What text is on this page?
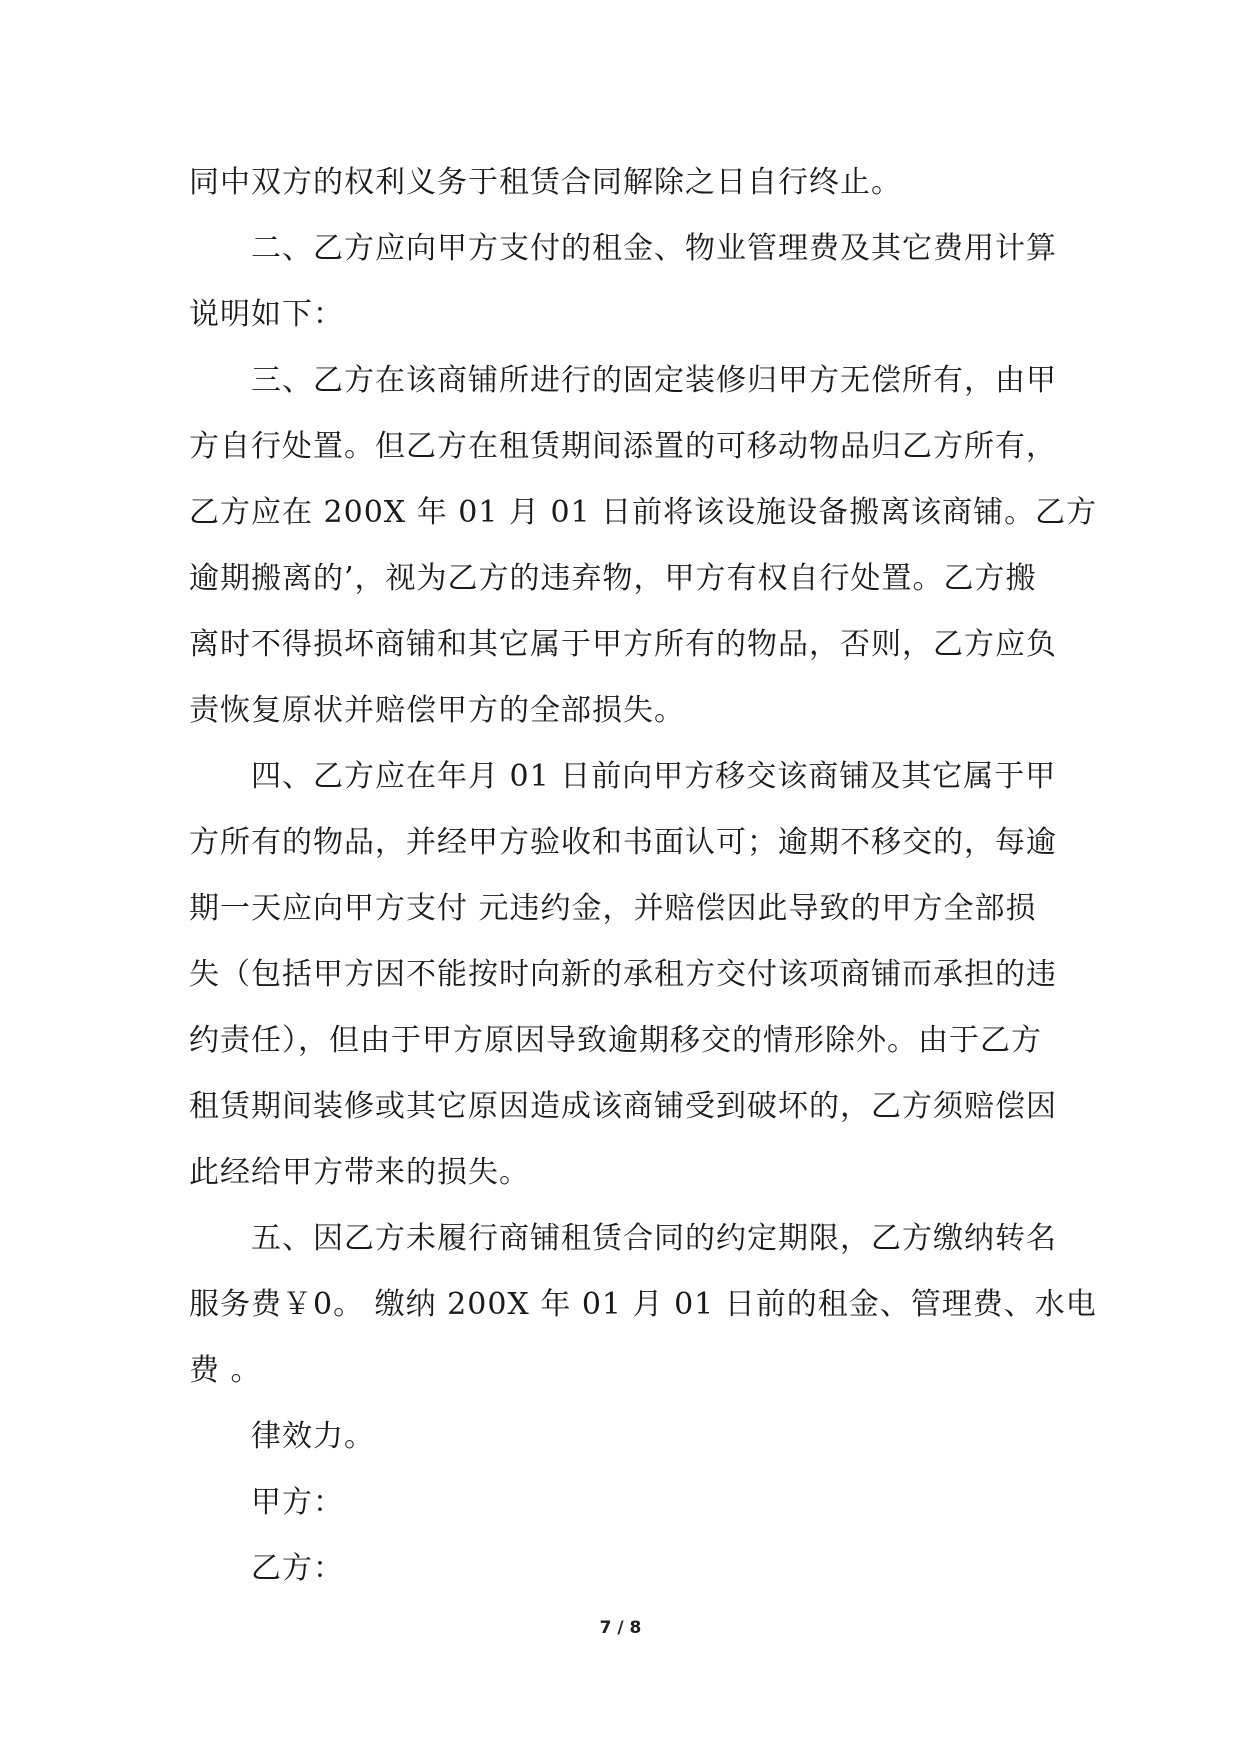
同中双方的权利义务于租赁合同解除之日自行终止。
二、乙方应向甲方支付的租金、物业管理费及其它费用计算
说明如下：
三、乙方在该商铺所进行的固定装修归甲方无偿所有，由甲
方自行处置。但乙方在租赁期间添置的可移动物品归乙方所有，
乙方应在 200X 年 01 月 01 日前将该设施设备搬离该商铺。乙方
逾期搬离的’，视为乙方的违弃物，甲方有权自行处置。乙方搬
离时不得损坏商铺和其它属于甲方所有的物品，否则，乙方应负
责恢复原状并赔偿甲方的全部损失。
四、乙方应在年月 01 日前向甲方移交该商铺及其它属于甲
方所有的物品，并经甲方验收和书面认可；逾期不移交的，每逾
期一天应向甲方支付 元违约金，并赔偿因此导致的甲方全部损
失（包括甲方因不能按时向新的承租方交付该项商铺而承担的违
约责任），但由于甲方原因导致逾期移交的情形除外。由于乙方
租赁期间装修或其它原因造成该商铺受到破坏的，乙方须赔偿因
此经给甲方带来的损失。
五、因乙方未履行商铺租赁合同的约定期限，乙方缴纳转名
服务费￥0。 缴纳 200X 年 01 月 01 日前的租金、管理费、水电
费 。
律效力。
甲方：
乙方：
7 / 8
